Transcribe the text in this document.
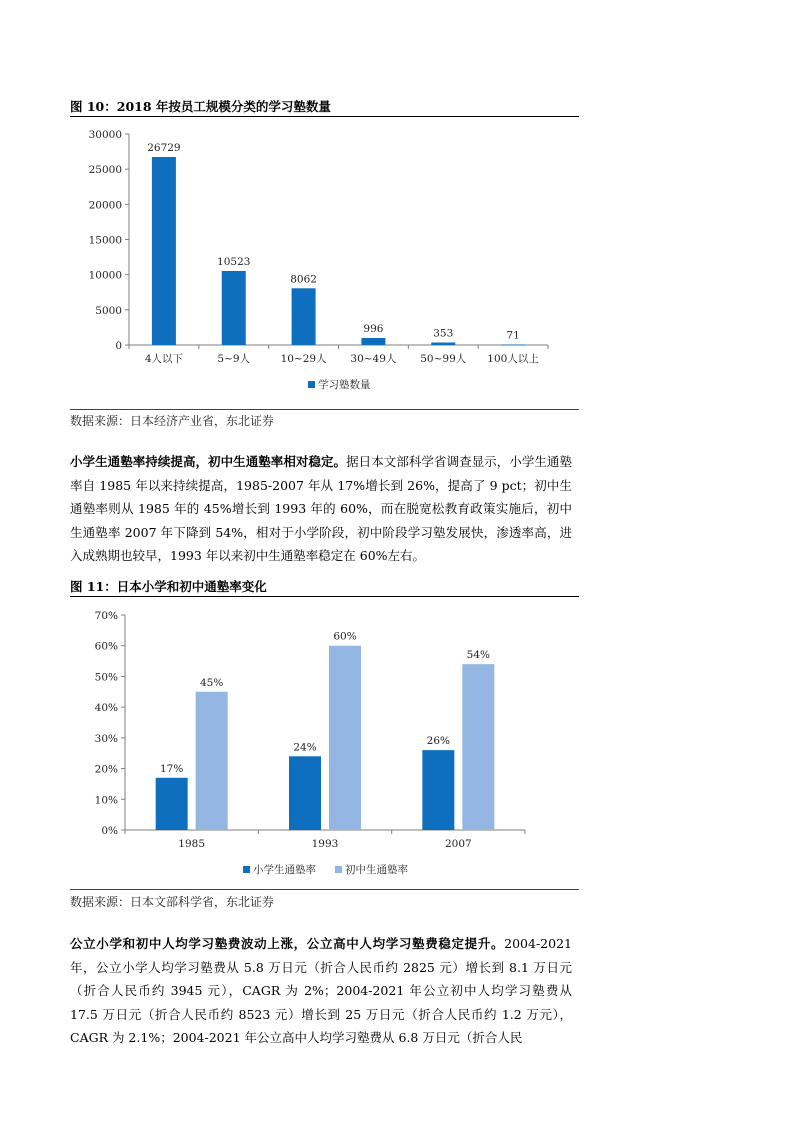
图 10：2018 年按员工规模分类的学习塾数量
0
5000
10000
15000
20000
25000
30000
4人以下
26729
5~9人
10523
10~29人
8062
30~49人
996
50~99人
353
100人以上
71
学习塾数量
数据来源：日本经济产业省，东北证券
小学生通塾率持续提高，初中生通塾率相对稳定。据日本文部科学省调查显示，小学生通塾率自 1985 年以来持续提高，1985-2007 年从 17%增长到 26%，提高了 9 pct；初中生通塾率则从 1985 年的 45%增长到 1993 年的 60%，而在脱宽松教育政策实施后，初中生通塾率 2007 年下降到 54%，相对于小学阶段，初中阶段学习塾发展快，渗透率高，进入成熟期也较早，1993 年以来初中生通塾率稳定在 60%左右。
图 11：日本小学和初中通塾率变化
0%
10%
20%
30%
40%
50%
60%
70%
1985
17%
45%
1993
24%
60%
2007
26%
54%
小学生通塾率	初中生通塾率
数据来源：日本文部科学省，东北证券
公立小学和初中人均学习塾费波动上涨，公立高中人均学习塾费稳定提升。2004-2021 年，公立小学人均学习塾费从 5.8 万日元（折合人民币约 2825 元）增长到 8.1 万日元（折合人民币约 3945 元），CAGR 为 2%；2004-2021 年公立初中人均学习塾费从 17.5 万日元（折合人民币约 8523 元）增长到 25 万日元（折合人民币约 1.2 万元），CAGR 为 2.1%；2004-2021 年公立高中人均学习塾费从 6.8 万日元（折合人民
